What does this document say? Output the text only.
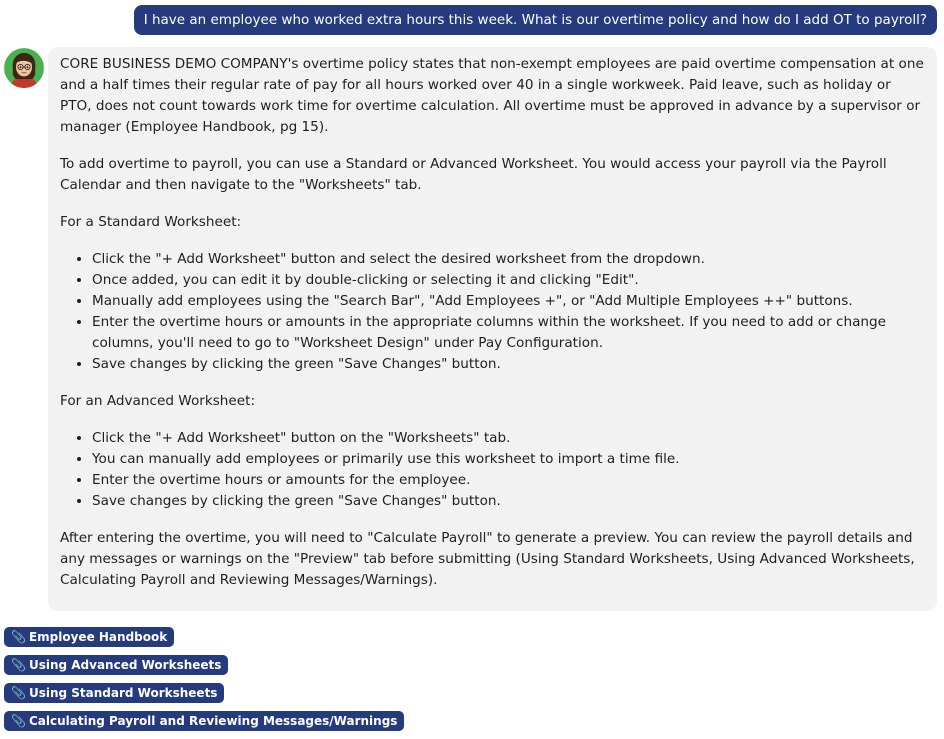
I have an employee who worked extra hours this week. What is our overtime policy and how do I add OT to payroll?

CORE BUSINESS DEMO COMPANY's overtime policy states that non-exempt employees are paid overtime compensation at one and a half times their regular rate of pay for all hours worked over 40 in a single workweek. Paid leave, such as holiday or PTO, does not count towards work time for overtime calculation. All overtime must be approved in advance by a supervisor or manager (Employee Handbook, pg 15).

To add overtime to payroll, you can use a Standard or Advanced Worksheet. You would access your payroll via the Payroll Calendar and then navigate to the "Worksheets" tab.

For a Standard Worksheet:

• Click the "+ Add Worksheet" button and select the desired worksheet from the dropdown.
• Once added, you can edit it by double-clicking or selecting it and clicking "Edit".
• Manually add employees using the "Search Bar", "Add Employees +", or "Add Multiple Employees ++" buttons.
• Enter the overtime hours or amounts in the appropriate columns within the worksheet. If you need to add or change columns, you'll need to go to "Worksheet Design" under Pay Configuration.
• Save changes by clicking the green "Save Changes" button.

For an Advanced Worksheet:

• Click the "+ Add Worksheet" button on the "Worksheets" tab.
• You can manually add employees or primarily use this worksheet to import a time file.
• Enter the overtime hours or amounts for the employee.
• Save changes by clicking the green "Save Changes" button.

After entering the overtime, you will need to "Calculate Payroll" to generate a preview. You can review the payroll details and any messages or warnings on the "Preview" tab before submitting (Using Standard Worksheets, Using Advanced Worksheets, Calculating Payroll and Reviewing Messages/Warnings).

📎 Employee Handbook
📎 Using Advanced Worksheets
📎 Using Standard Worksheets
📎 Calculating Payroll and Reviewing Messages/Warnings
